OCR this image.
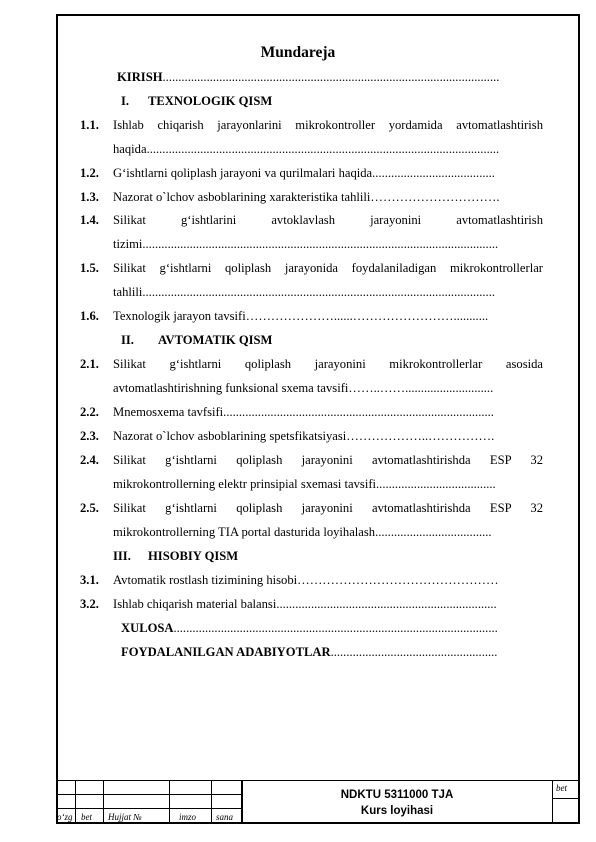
Mundareja
KIRISH...........................................................................................................
I. TEXNOLOGIK QISM
1.1. Ishlab chiqarish jarayonlarini mikrokontroller yordamida avtomatlashtirish
haqida................................................................................................................
1.2. G‘ishtlarni qoliplash jarayoni va qurilmalari haqida.......................................
1.3. Nazorat o`lchov asboblarining xarakteristika tahlili………………………….
1.4. Silikat g‘ishtlarini avtoklavlash jarayonini avtomatlashtirish
tizimi.................................................................................................................
1.5. Silikat g‘ishtlarni qoliplash jarayonida foydalaniladigan mikrokontrollerlar
tahlili................................................................................................................
1.6. Texnologik jarayon tavsifi…………………......……………………...........
II. AVTOMATIK QISM
2.1. Silikat g‘ishtlarni qoliplash jarayonini mikrokontrollerlar asosida
avtomatlashtirishning funksional sxema tavsifi……..……............................
2.2. Mnemosxema tavfsifi......................................................................................
2.3. Nazorat o`lchov asboblarining spetsfikatsiyasi………………..…………….
2.4. Silikat g‘ishtlarni qoliplash jarayonini avtomatlashtirishda ESP 32
mikrokontrollerning elektr prinsipial sxemasi tavsifi......................................
2.5. Silikat g‘ishtlarni qoliplash jarayonini avtomatlashtirishda ESP 32
mikrokontrollerning TIA portal dasturida loyihalash.....................................
III. HISOBIY QISM
3.1. Avtomatik rostlash tizimining hisobi…………………………………………
3.2. Ishlab chiqarish material balansi......................................................................
XULOSA.......................................................................................................
FOYDALANILGAN ADABIYOTLAR.....................................................
o‘zg bet Hujjat №	imzo sana
NDKTU 5311000 TJA
Kurs loyihasi
bet
